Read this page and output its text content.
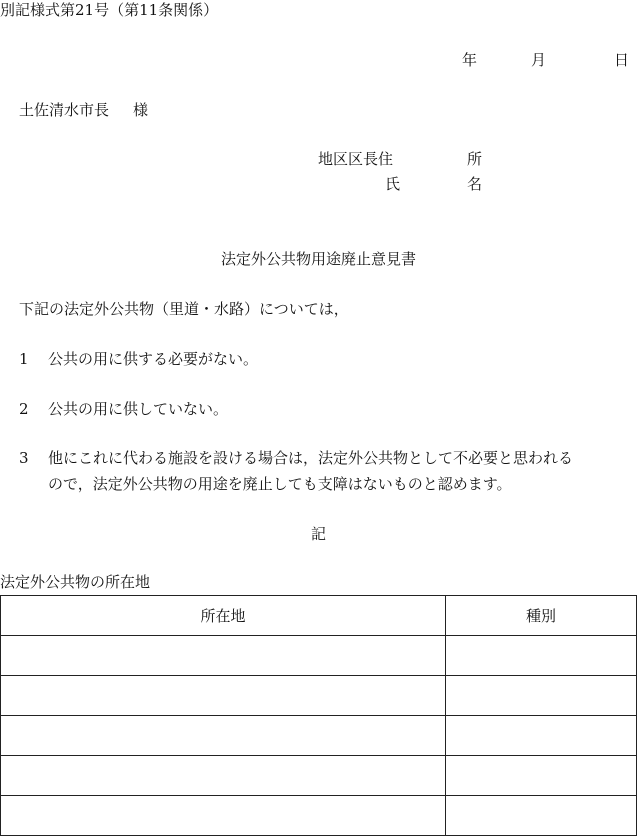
別記様式第21号（第11条関係）
年	月	日
土佐清水市長 様
地区区長住	所
氏	名
法定外公共物用途廃止意見書
下記の法定外公共物（里道・水路）については，
1 公共の用に供する必要がない。
2 公共の用に供していない。
3 他にこれに代わる施設を設ける場合は，法定外公共物として不必要と思われる
ので，法定外公共物の用途を廃止しても支障はないものと認めます。
記
法定外公共物の所在地
所在地	種別
